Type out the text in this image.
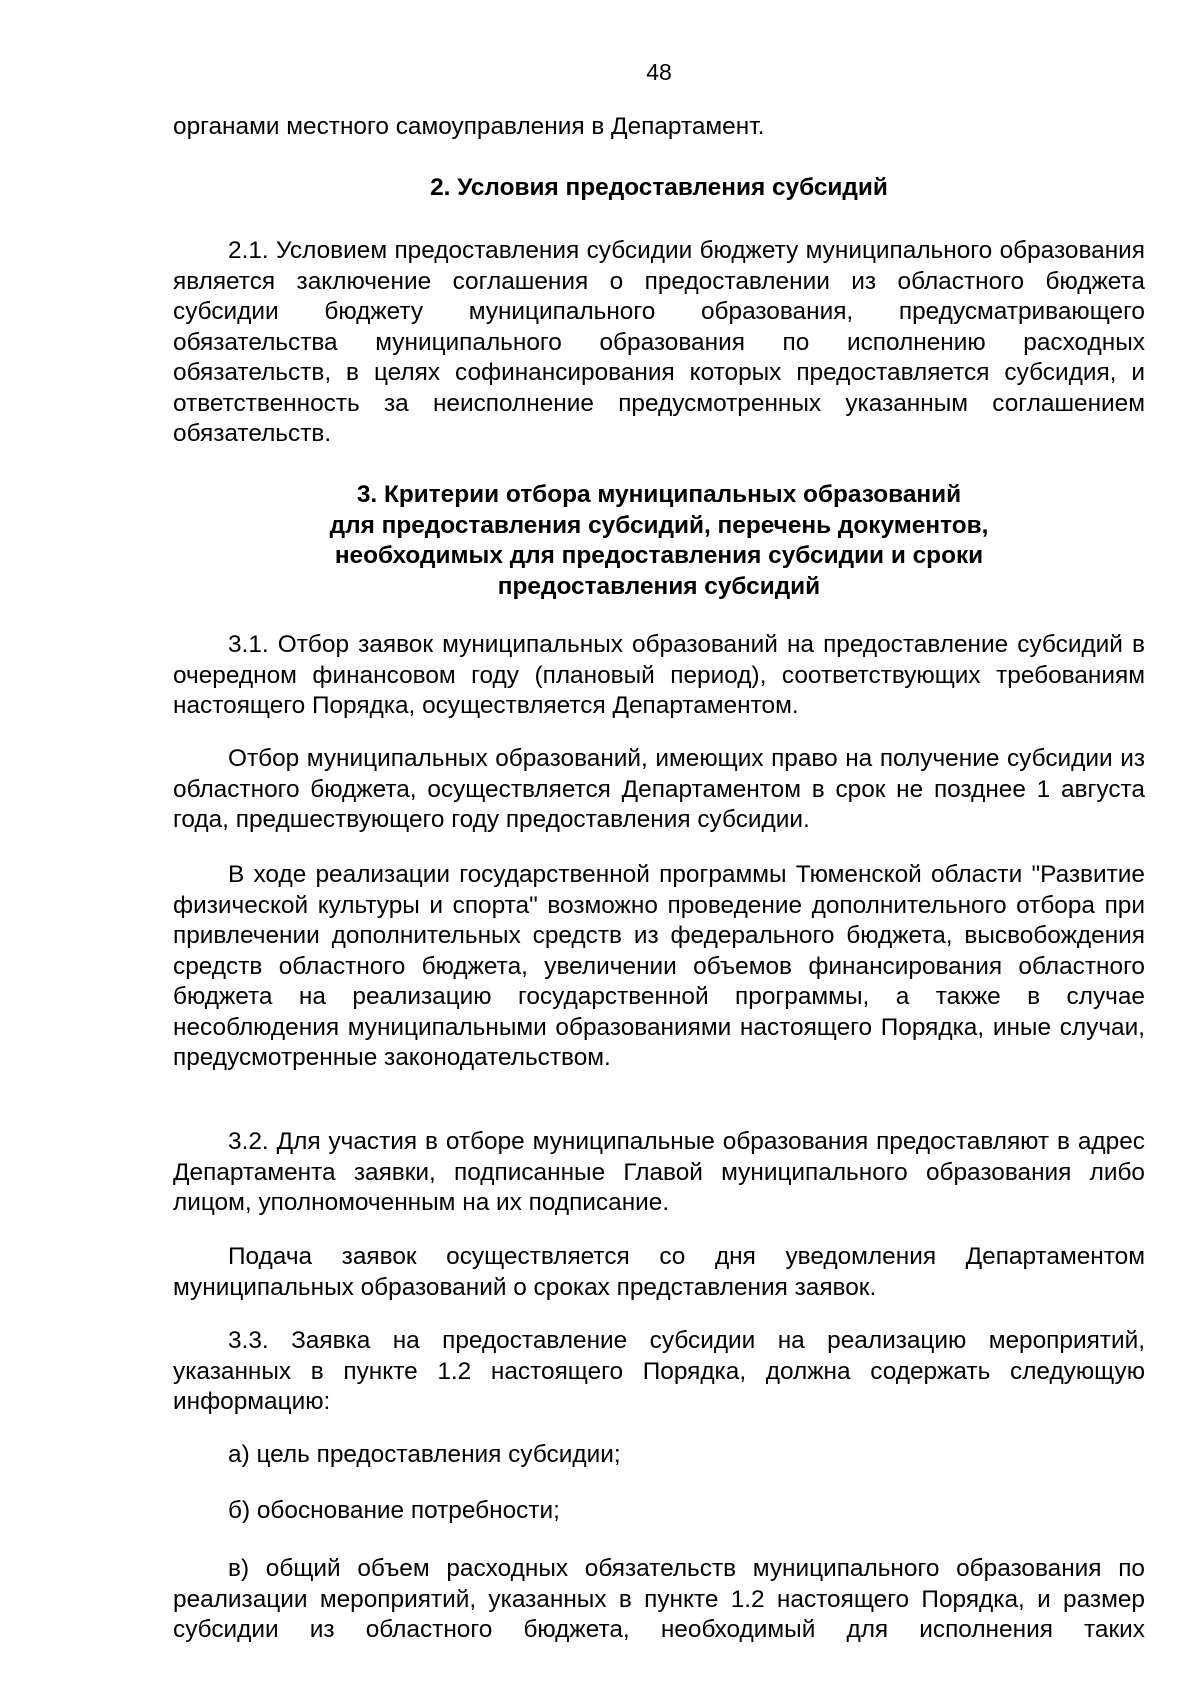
48

органами местного самоуправления в Департамент.

2. Условия предоставления субсидий

2.1. Условием предоставления субсидии бюджету муниципального образования является заключение соглашения о предоставлении из областного бюджета субсидии бюджету муниципального образования, предусматривающего обязательства муниципального образования по исполнению расходных обязательств, в целях софинансирования которых предоставляется субсидия, и ответственность за неисполнение предусмотренных указанным соглашением обязательств.

3. Критерии отбора муниципальных образований
для предоставления субсидий, перечень документов,
необходимых для предоставления субсидии и сроки
предоставления субсидий

3.1. Отбор заявок муниципальных образований на предоставление субсидий в очередном финансовом году (плановый период), соответствующих требованиям настоящего Порядка, осуществляется Департаментом.

Отбор муниципальных образований, имеющих право на получение субсидии из областного бюджета, осуществляется Департаментом в срок не позднее 1 августа года, предшествующего году предоставления субсидии.

В ходе реализации государственной программы Тюменской области "Развитие физической культуры и спорта" возможно проведение дополнительного отбора при привлечении дополнительных средств из федерального бюджета, высвобождения средств областного бюджета, увеличении объемов финансирования областного бюджета на реализацию государственной программы, а также в случае несоблюдения муниципальными образованиями настоящего Порядка, иные случаи, предусмотренные законодательством.

3.2. Для участия в отборе муниципальные образования предоставляют в адрес Департамента заявки, подписанные Главой муниципального образования либо лицом, уполномоченным на их подписание.

Подача заявок осуществляется со дня уведомления Департаментом муниципальных образований о сроках представления заявок.

3.3. Заявка на предоставление субсидии на реализацию мероприятий, указанных в пункте 1.2 настоящего Порядка, должна содержать следующую информацию:

а) цель предоставления субсидии;

б) обоснование потребности;

в) общий объем расходных обязательств муниципального образования по реализации мероприятий, указанных в пункте 1.2 настоящего Порядка, и размер субсидии из областного бюджета, необходимый для исполнения таких
